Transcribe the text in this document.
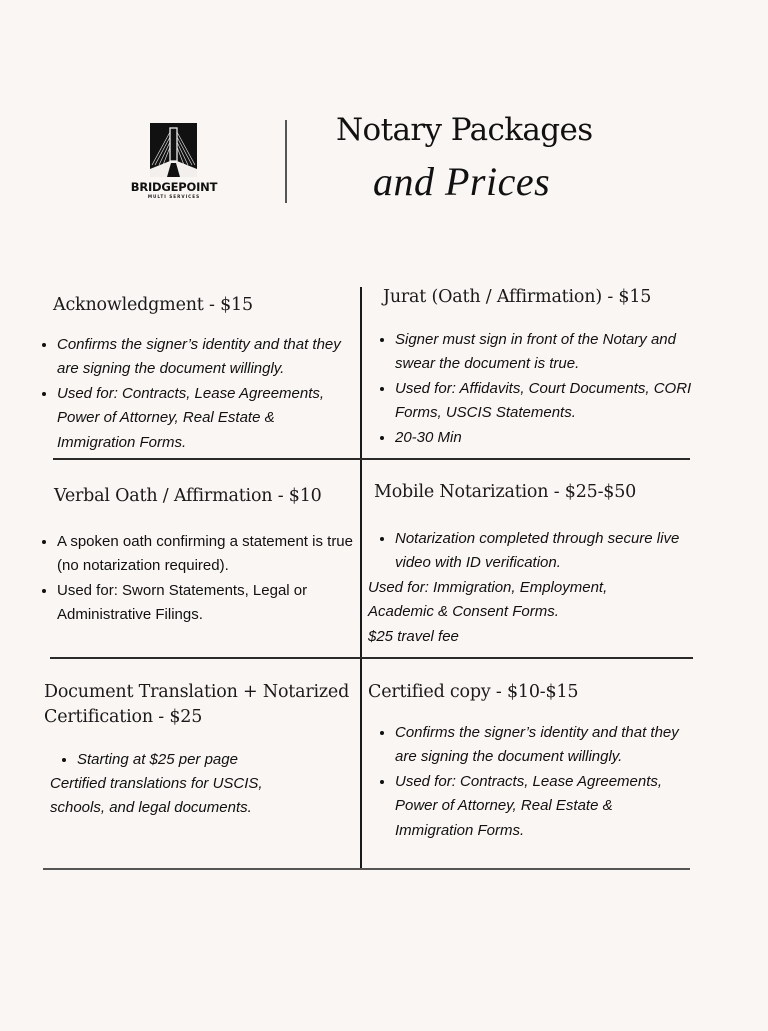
BRIDGEPOINT
MULTI SERVICES
Notary Packages
and Prices
Acknowledgment - $15
Confirms the signer’s identity and that they are signing the document willingly.
Used for: Contracts, Lease Agreements, Power of Attorney, Real Estate & Immigration Forms.
Jurat (Oath / Affirmation) - $15
Signer must sign in front of the Notary and swear the document is true.
Used for: Affidavits, Court Documents, CORI Forms, USCIS Statements.
20-30 Min
Verbal Oath / Affirmation - $10
A spoken oath confirming a statement is true (no notarization required).
Used for: Sworn Statements, Legal or Administrative Filings.
Mobile Notarization - $25-$50
Notarization completed through secure live video with ID verification.
Used for: Immigration, Employment,
Academic & Consent Forms.
$25 travel fee
Document Translation + Notarized
Certification - $25
Starting at $25 per page
Certified translations for USCIS,
schools, and legal documents.
Certified copy - $10-$15
Confirms the signer’s identity and that they are signing the document willingly.
Used for: Contracts, Lease Agreements, Power of Attorney, Real Estate & Immigration Forms.
